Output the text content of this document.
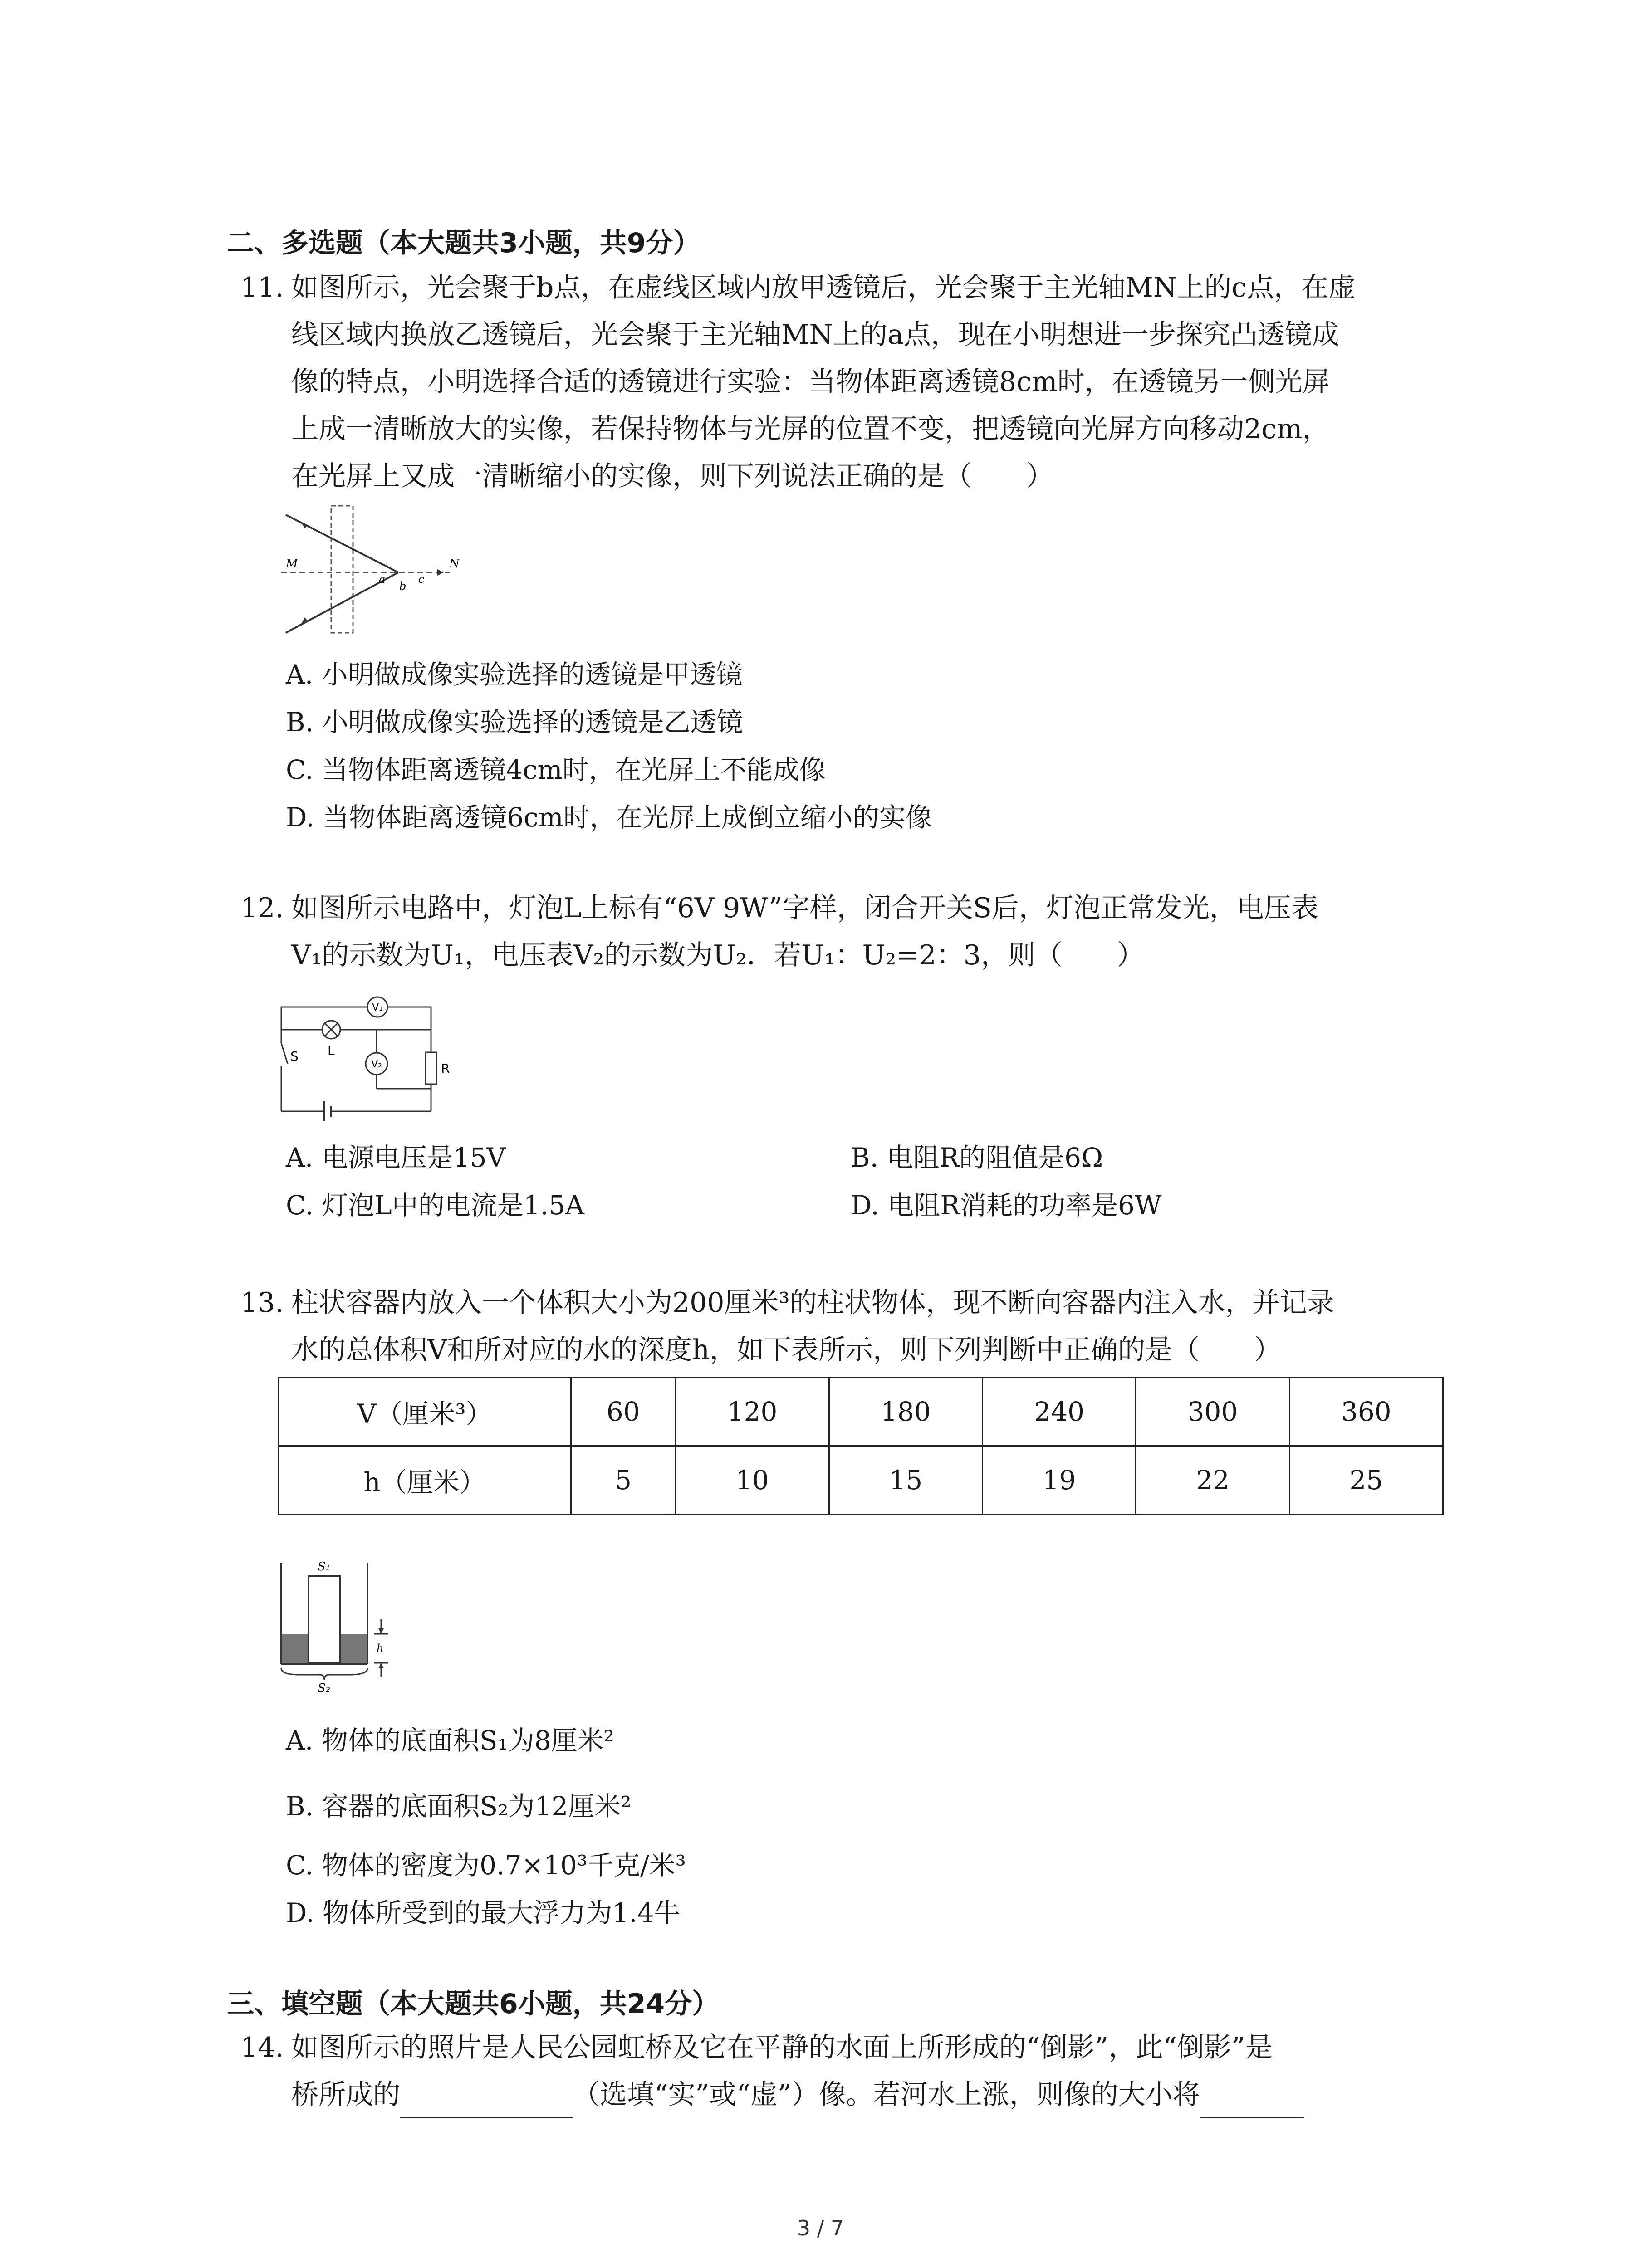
二、多选题（本大题共3小题，共9分）
11. 如图所示，光会聚于b点，在虚线区域内放甲透镜后，光会聚于主光轴MN上的c点，在虚
线区域内换放乙透镜后，光会聚于主光轴MN上的a点，现在小明想进一步探究凸透镜成
像的特点，小明选择合适的透镜进行实验：当物体距离透镜8cm时，在透镜另一侧光屏
上成一清晰放大的实像，若保持物体与光屏的位置不变，把透镜向光屏方向移动2cm，
在光屏上又成一清晰缩小的实像，则下列说法正确的是（　　）
M	N
a
b
c
A. 小明做成像实验选择的透镜是甲透镜
B. 小明做成像实验选择的透镜是乙透镜
C. 当物体距离透镜4cm时，在光屏上不能成像
D. 当物体距离透镜6cm时，在光屏上成倒立缩小的实像
12. 如图所示电路中，灯泡L上标有“6V 9W”字样，闭合开关S后，灯泡正常发光，电压表
V₁的示数为U₁，电压表V₂的示数为U₂．若U₁：U₂=2：3，则（　　）
V₁
L
V₂	R
S
A. 电源电压是15V	B. 电阻R的阻值是6Ω
C. 灯泡L中的电流是1.5A	D. 电阻R消耗的功率是6W
13. 柱状容器内放入一个体积大小为200厘米³的柱状物体，现不断向容器内注入水，并记录
水的总体积V和所对应的水的深度h，如下表所示，则下列判断中正确的是（　　）
V（厘米³）	60	120	180	240	300	360
h（厘米）	5	10	15	19	22	25
S₁
h
S₂
A. 物体的底面积S₁为8厘米²
B. 容器的底面积S₂为12厘米²
C. 物体的密度为0.7×10³千克/米³
D. 物体所受到的最大浮力为1.4牛
三、填空题（本大题共6小题，共24分）
14. 如图所示的照片是人民公园虹桥及它在平静的水面上所形成的“倒影”，此“倒影”是
桥所成的	（选填“实”或“虚”）像。若河水上涨，则像的大小将
3 / 7
